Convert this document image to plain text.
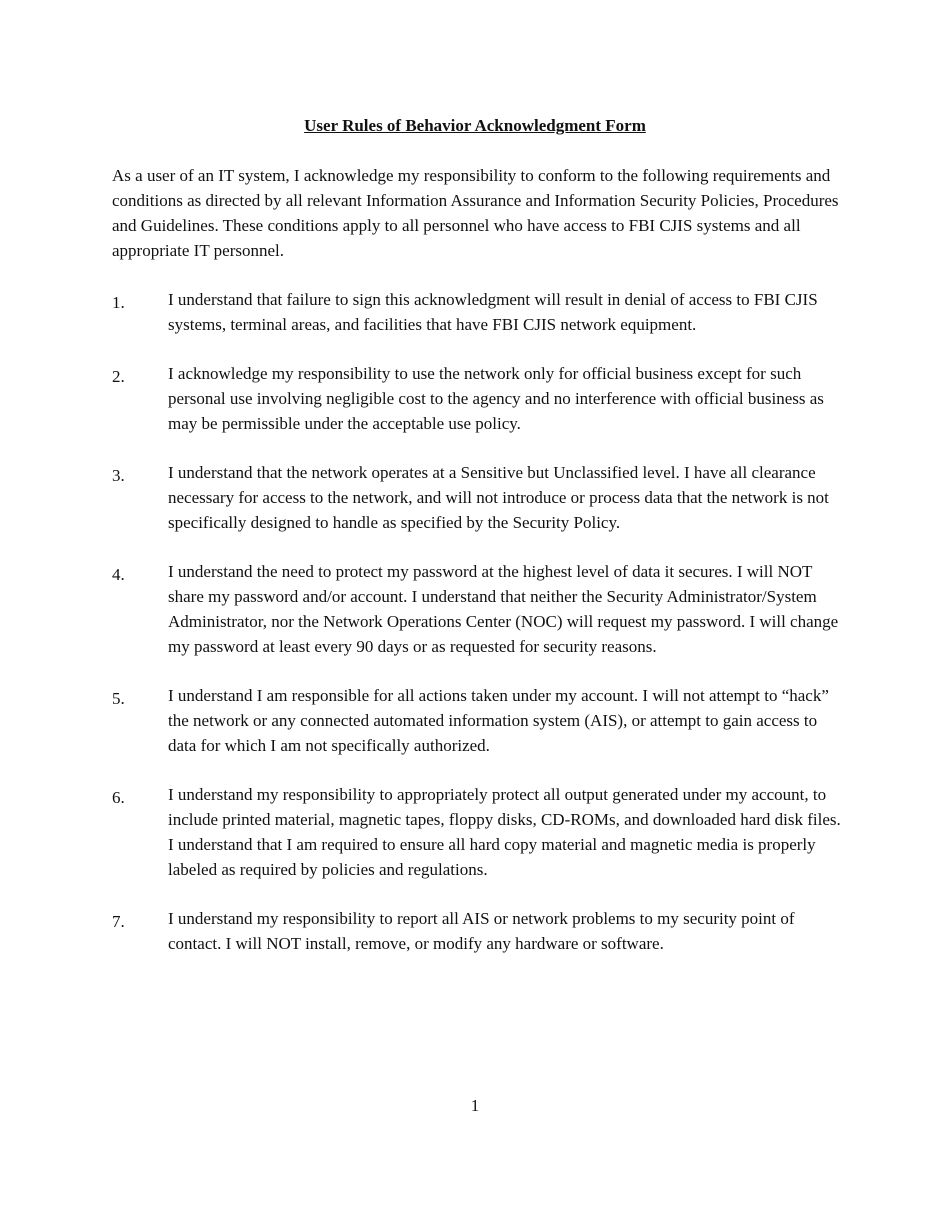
User Rules of Behavior Acknowledgment Form
As a user of an IT system, I acknowledge my responsibility to conform to the following requirements and conditions as directed by all relevant Information Assurance and Information Security Policies, Procedures and Guidelines. These conditions apply to all personnel who have access to FBI CJIS systems and all appropriate IT personnel.
1.	I understand that failure to sign this acknowledgment will result in denial of access to FBI CJIS systems, terminal areas, and facilities that have FBI CJIS network equipment.
2.	I acknowledge my responsibility to use the network only for official business except for such personal use involving negligible cost to the agency and no interference with official business as may be permissible under the acceptable use policy.
3.	I understand that the network operates at a Sensitive but Unclassified level. I have all clearance necessary for access to the network, and will not introduce or process data that the network is not specifically designed to handle as specified by the Security Policy.
4.	I understand the need to protect my password at the highest level of data it secures. I will NOT share my password and/or account. I understand that neither the Security Administrator/System Administrator, nor the Network Operations Center (NOC) will request my password. I will change my password at least every 90 days or as requested for security reasons.
5.	I understand I am responsible for all actions taken under my account. I will not attempt to “hack” the network or any connected automated information system (AIS), or attempt to gain access to data for which I am not specifically authorized.
6.	I understand my responsibility to appropriately protect all output generated under my account, to include printed material, magnetic tapes, floppy disks, CD-ROMs, and downloaded hard disk files. I understand that I am required to ensure all hard copy material and magnetic media is properly labeled as required by policies and regulations.
7.	I understand my responsibility to report all AIS or network problems to my security point of contact. I will NOT install, remove, or modify any hardware or software.
1
